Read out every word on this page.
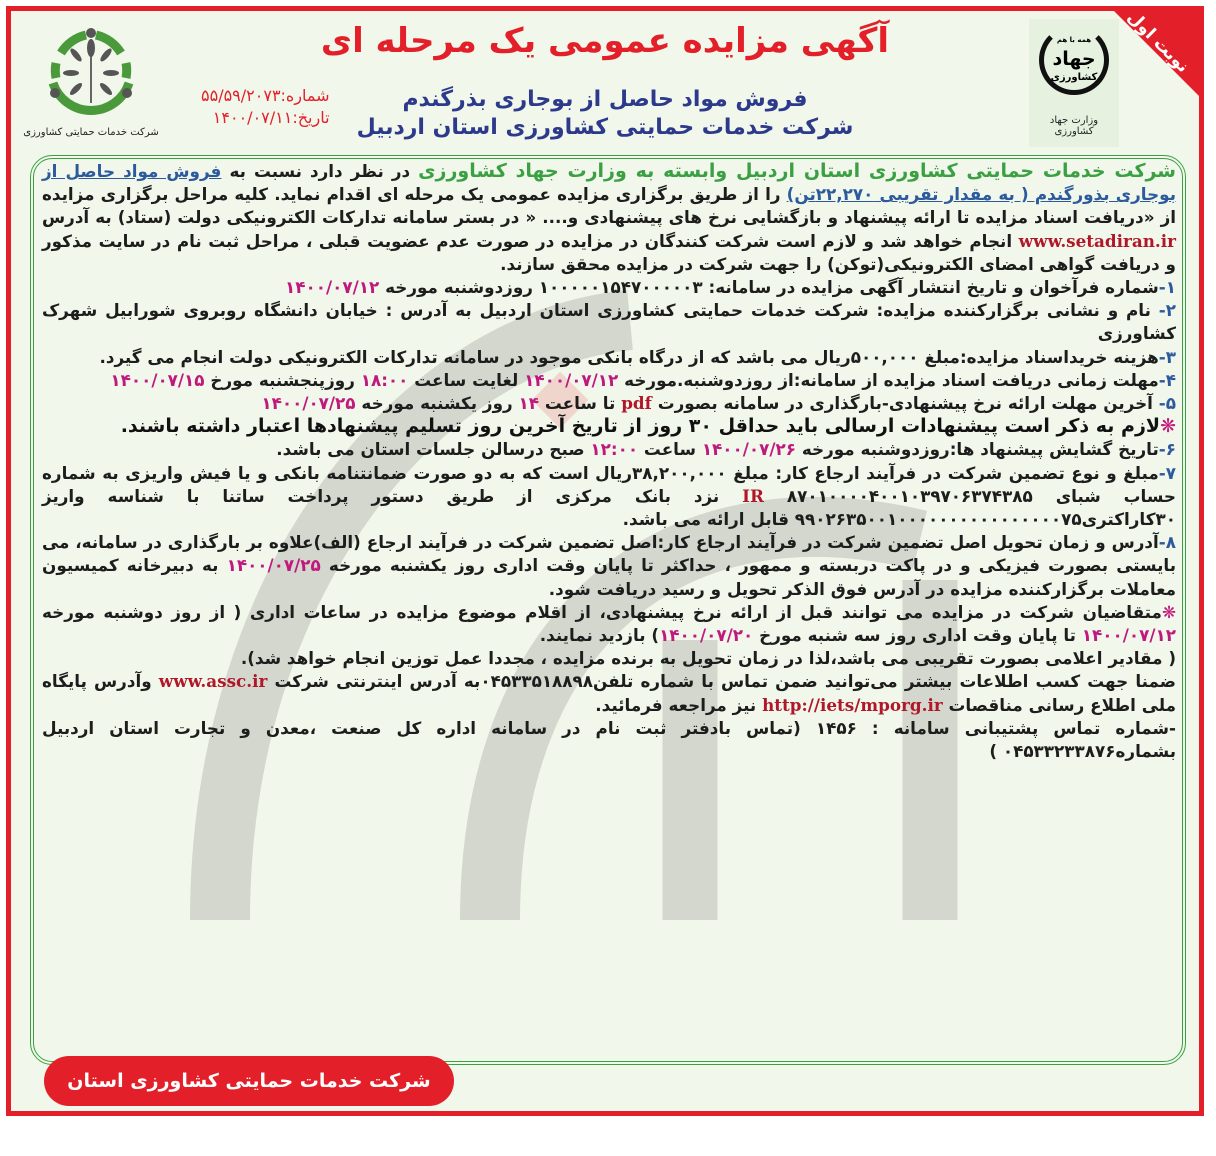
نوبت اول
همه با هم
جهاد
کشاورزی
وزارت جهاد کشاورزی
آگهی مزایده عمومی یک مرحله ای
فروش مواد حاصل از بوجاری بذرگندم
شرکت خدمات حمایتی کشاورزی استان اردبیل
شماره:۵۵/۵۹/۲۰۷۳
تاریخ:۱۴۰۰/۰۷/۱۱
شرکت خدمات حمایتی کشاورزی

شرکت خدمات حمایتی کشاورزی استان اردبیل وابسته به وزارت جهاد کشاورزی در نظر دارد نسبت به فروش مواد حاصل از بوجاری بذورگندم ( به مقدار تقریبی ۲۲,۲۷۰تن) را از طریق برگزاری مزایده عمومی یک مرحله ای اقدام نماید. کلیه مراحل برگزاری مزایده از «دریافت اسناد مزایده تا ارائه پیشنهاد و بازگشایی نرخ های پیشنهادی و.... « در بستر سامانه تدارکات الکترونیکی دولت (ستاد) به آدرس www.setadiran.ir انجام خواهد شد و لازم است شرکت کنندگان در مزایده در صورت عدم عضویت قبلی ، مراحل ثبت نام در سایت مذکور و دریافت گواهی امضای الکترونیکی(توکن) را جهت شرکت در مزایده محقق سازند.

۱-شماره فرآخوان و تاریخ انتشار آگهی مزایده در سامانه: ۱۰۰۰۰۰۱۵۴۷۰۰۰۰۰۳ روزدوشنبه مورخه ۱۴۰۰/۰۷/۱۲

۲- نام و نشانی برگزارکننده مزایده: شرکت خدمات حمایتی کشاورزی استان اردبیل به آدرس : خیابان دانشگاه روبروی شورابیل شهرک کشاورزی

۳-هزینه خریداسناد مزایده:مبلغ ۵۰۰,۰۰۰ریال می باشد که از درگاه بانکی موجود در سامانه تدارکات الکترونیکی دولت انجام می گیرد.

۴-مهلت زمانی دریافت اسناد مزایده از سامانه:از روزدوشنبه.مورخه ۱۴۰۰/۰۷/۱۲ لغایت ساعت ۱۸:۰۰ روزپنجشنبه مورخ ۱۴۰۰/۰۷/۱۵

۵- آخرین مهلت ارائه نرخ پیشنهادی-بارگذاری در سامانه بصورت pdf تا ساعت ۱۴ روز یکشنبه مورخه ۱۴۰۰/۰۷/۲۵

❋لازم به ذکر است پیشنهادات ارسالی باید حداقل ۳۰ روز از تاریخ آخرین روز تسلیم پیشنهادها اعتبار داشته باشند.

۶-تاریخ گشایش پیشنهاد ها:روزدوشنبه مورخه ۱۴۰۰/۰۷/۲۶ ساعت ۱۲:۰۰ صبح درسالن جلسات استان می باشد.

۷-مبلغ و نوع تضمین شرکت در فرآیند ارجاع کار: مبلغ ۳۸,۲۰۰,۰۰۰ریال است که به دو صورت ضمانتنامه بانکی و یا فیش واریزی به شماره حساب شبای ۸۷۰۱۰۰۰۰۴۰۰۱۰۳۹۷۰۶۳۷۴۳۸۵ IR نزد بانک مرکزی از طریق دستور پرداخت ساتنا با شناسه واریز ۳۰کاراکتری۹۹۰۲۶۳۵۰۰۱۰۰۰۰۰۰۰۰۰۰۰۰۰۰۰۰۷۵ قابل ارائه می باشد.

۸-آدرس و زمان تحویل اصل تضمین شرکت در فرآیند ارجاع کار:اصل تضمین شرکت در فرآیند ارجاع (الف)علاوه بر بارگذاری در سامانه، می بایستی بصورت فیزیکی و در پاکت دربسته و ممهور ، حداکثر تا پایان وقت اداری روز یکشنبه مورخه ۱۴۰۰/۰۷/۲۵ به دبیرخانه کمیسیون معاملات برگزارکننده مزایده در آدرس فوق الذکر تحویل و رسید دریافت شود.

❋متقاضیان شرکت در مزایده می توانند قبل از ارائه نرخ پیشنهادی، از اقلام موضوع مزایده در ساعات اداری ( از روز دوشنبه مورخه ۱۴۰۰/۰۷/۱۲ تا پایان وقت اداری روز سه شنبه مورخ ۱۴۰۰/۰۷/۲۰) بازدید نمایند.

( مقادیر اعلامی بصورت تقریبی می باشد،لذا در زمان تحویل به برنده مزایده ، مجددا عمل توزین انجام خواهد شد).

ضمنا جهت کسب اطلاعات بیشتر می‌توانید ضمن تماس با شماره تلفن۰۴۵۳۳۵۱۸۸۹۸به آدرس اینترنتی شرکت www.assc.ir وآدرس پایگاه ملی اطلاع رسانی مناقصات http://iets/mporg.ir نیز مراجعه فرمائید.

-شماره تماس پشتیبانی سامانه : ۱۴۵۶ (تماس بادفتر ثبت نام در سامانه اداره کل صنعت ،معدن و تجارت استان اردبیل بشماره۰۴۵۳۳۲۳۳۸۷۶ )

شرکت خدمات حمایتی کشاورزی استان اردبیل
